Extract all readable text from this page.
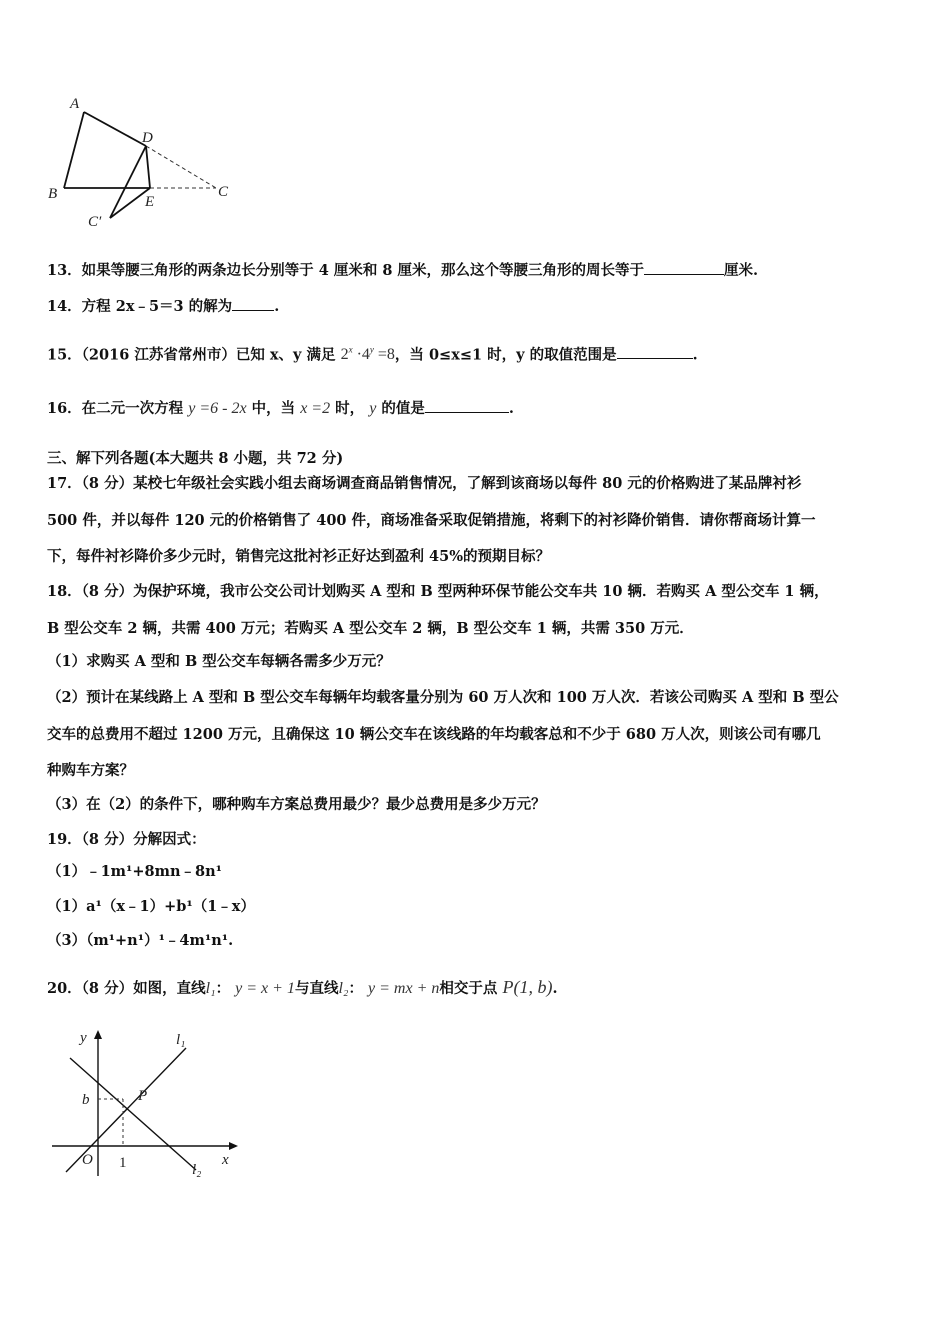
A
B	C
D
E
C′
13．如果等腰三角形的两条边长分别等于 4 厘米和 8 厘米，那么这个等腰三角形的周长等于	厘米.
14．方程 2x﹣5＝3 的解为	.
15．（2016 江苏省常州市）已知 x、y 满足 $2^x \cdot 4^y =8$，当 0≤x≤1 时，y 的取值范围是	.
16．在二元一次方程 y =6 - 2x 中，当 x =2 时， y 的值是	.
三、解下列各题(本大题共 8 小题，共 72 分)
17．（8 分）某校七年级社会实践小组去商场调查商品销售情况，了解到该商场以每件 80 元的价格购进了某品牌衬衫
500 件，并以每件 120 元的价格销售了 400 件，商场准备采取促销措施，将剩下的衬衫降价销售．请你帮商场计算一
下，每件衬衫降价多少元时，销售完这批衬衫正好达到盈利 45%的预期目标？
18．（8 分）为保护环境，我市公交公司计划购买 A 型和 B 型两种环保节能公交车共 10 辆．若购买 A 型公交车 1 辆，
B 型公交车 2 辆，共需 400 万元；若购买 A 型公交车 2 辆，B 型公交车 1 辆，共需 350 万元．
（1）求购买 A 型和 B 型公交车每辆各需多少万元？
（2）预计在某线路上 A 型和 B 型公交车每辆年均载客量分别为 60 万人次和 100 万人次．若该公司购买 A 型和 B 型公
交车的总费用不超过 1200 万元，且确保这 10 辆公交车在该线路的年均载客总和不少于 680 万人次，则该公司有哪几
种购车方案？
（3）在（2）的条件下，哪种购车方案总费用最少？最少总费用是多少万元？
19．（8 分）分解因式：
（1）﹣1m¹+8mn﹣8n¹
（1）a¹（x﹣1）+b¹（1﹣x）
（3）（m¹+n¹）¹﹣4m¹n¹.
20．（8 分）如图，直线l₁： y = x + 1与直线l₂： y = mx + n相交于点 P(1, b).
y
x
O 1
b	P
l₁
l₂
